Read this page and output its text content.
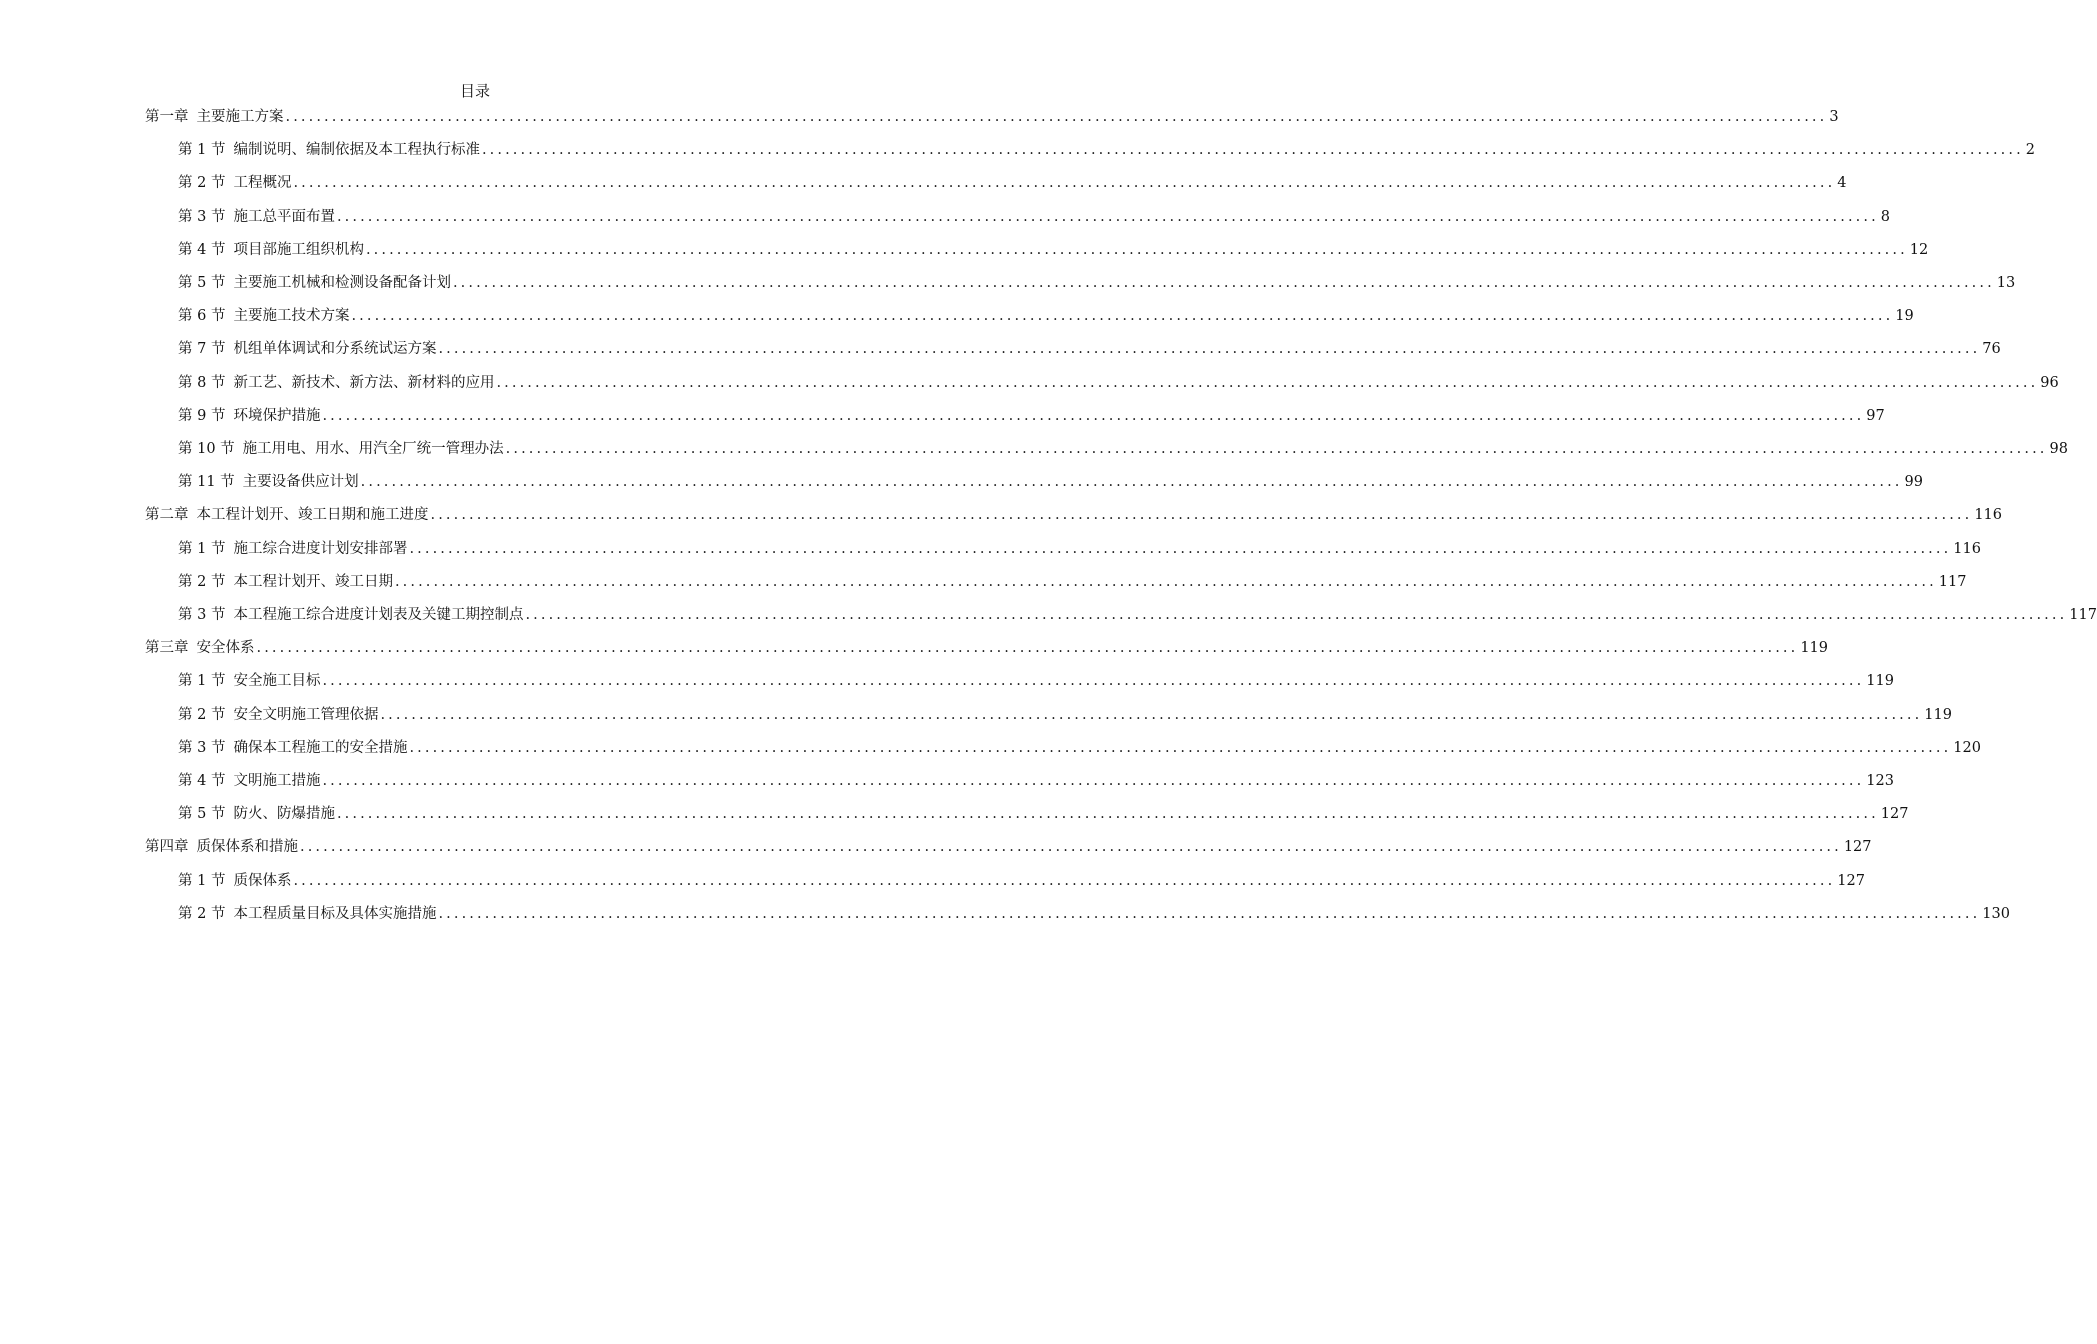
目录
第一章 主要施工方案 ........................................................................................................................................................................................................ 3
第 1 节 编制说明、编制依据及本工程执行标准 ........................................................................................................................................................................................................ 2
第 2 节 工程概况 ........................................................................................................................................................................................................ 4
第 3 节 施工总平面布置 ........................................................................................................................................................................................................ 8
第 4 节 项目部施工组织机构 ........................................................................................................................................................................................................ 12
第 5 节 主要施工机械和检测设备配备计划 ........................................................................................................................................................................................................ 13
第 6 节 主要施工技术方案 ........................................................................................................................................................................................................ 19
第 7 节 机组单体调试和分系统试运方案 ........................................................................................................................................................................................................ 76
第 8 节 新工艺、新技术、新方法、新材料的应用 ........................................................................................................................................................................................................ 96
第 9 节 环境保护措施 ........................................................................................................................................................................................................ 97
第 10 节 施工用电、用水、用汽全厂统一管理办法 ........................................................................................................................................................................................................ 98
第 11 节 主要设备供应计划 ........................................................................................................................................................................................................ 99
第二章 本工程计划开、竣工日期和施工进度 ........................................................................................................................................................................................................ 116
第 1 节 施工综合进度计划安排部署 ........................................................................................................................................................................................................ 116
第 2 节 本工程计划开、竣工日期 ........................................................................................................................................................................................................ 117
第 3 节 本工程施工综合进度计划表及关键工期控制点 ........................................................................................................................................................................................................ 117
第三章 安全体系 ........................................................................................................................................................................................................ 119
第 1 节 安全施工目标 ........................................................................................................................................................................................................ 119
第 2 节 安全文明施工管理依据 ........................................................................................................................................................................................................ 119
第 3 节 确保本工程施工的安全措施 ........................................................................................................................................................................................................ 120
第 4 节 文明施工措施 ........................................................................................................................................................................................................ 123
第 5 节 防火、防爆措施 ........................................................................................................................................................................................................ 127
第四章 质保体系和措施 ........................................................................................................................................................................................................ 127
第 1 节 质保体系 ........................................................................................................................................................................................................ 127
第 2 节 本工程质量目标及具体实施措施 ........................................................................................................................................................................................................ 130
